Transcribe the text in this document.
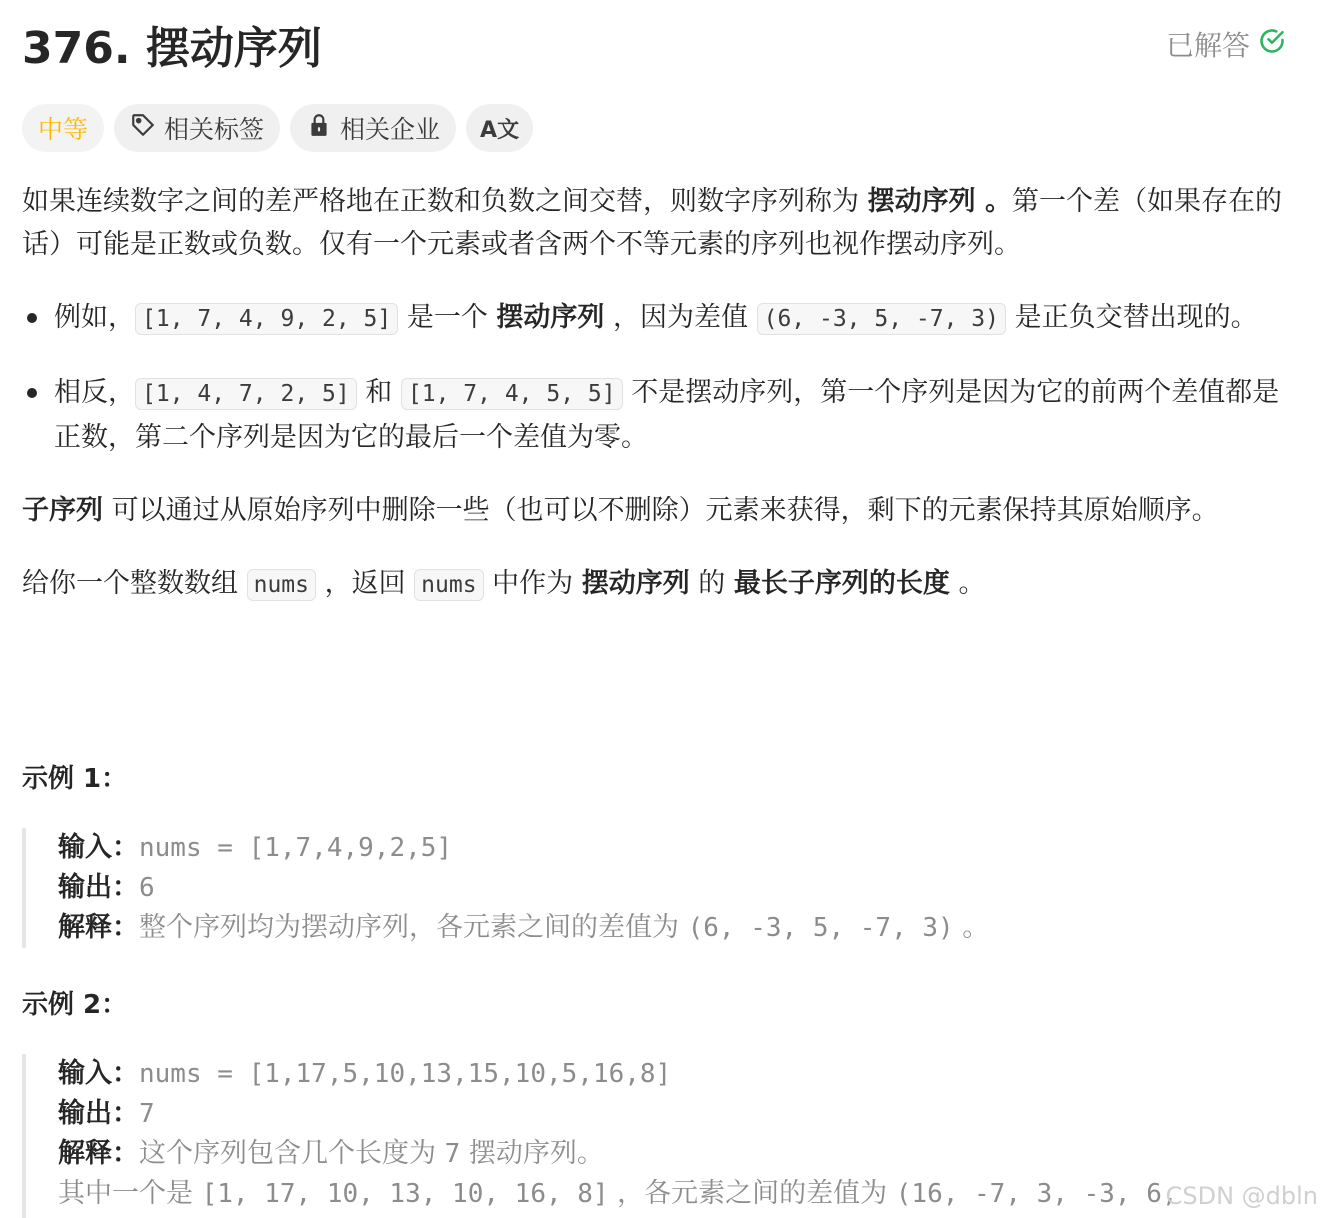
376. 摆动序列	已解答
中等	相关标签	相关企业 A文

如果连续数字之间的差严格地在正数和负数之间交替，则数字序列称为 摆动序列 。第一个差（如果存在的话）可能是正数或负数。仅有一个元素或者含两个不等元素的序列也视作摆动序列。

例如， [1, 7, 4, 9, 2, 5] 是一个 摆动序列 ，因为差值 (6, -3, 5, -7, 3) 是正负交替出现的。
相反， [1, 4, 7, 2, 5] 和 [1, 7, 4, 5, 5] 不是摆动序列，第一个序列是因为它的前两个差值都是正数，第二个序列是因为它的最后一个差值为零。

子序列 可以通过从原始序列中删除一些（也可以不删除）元素来获得，剩下的元素保持其原始顺序。

给你一个整数数组 nums ，返回 nums 中作为 摆动序列 的 最长子序列的长度 。

示例 1：
输入：nums = [1,7,4,9,2,5]
输出：6
解释：整个序列均为摆动序列，各元素之间的差值为 (6, -3, 5, -7, 3) 。
示例 2：
输入：nums = [1,17,5,10,13,15,10,5,16,8]
输出：7
解释：这个序列包含几个长度为 7 摆动序列。
其中一个是 [1, 17, 10, 13, 10, 16, 8] ，各元素之间的差值为 (16, -7, 3, -3, 6,
CSDN @dbln
